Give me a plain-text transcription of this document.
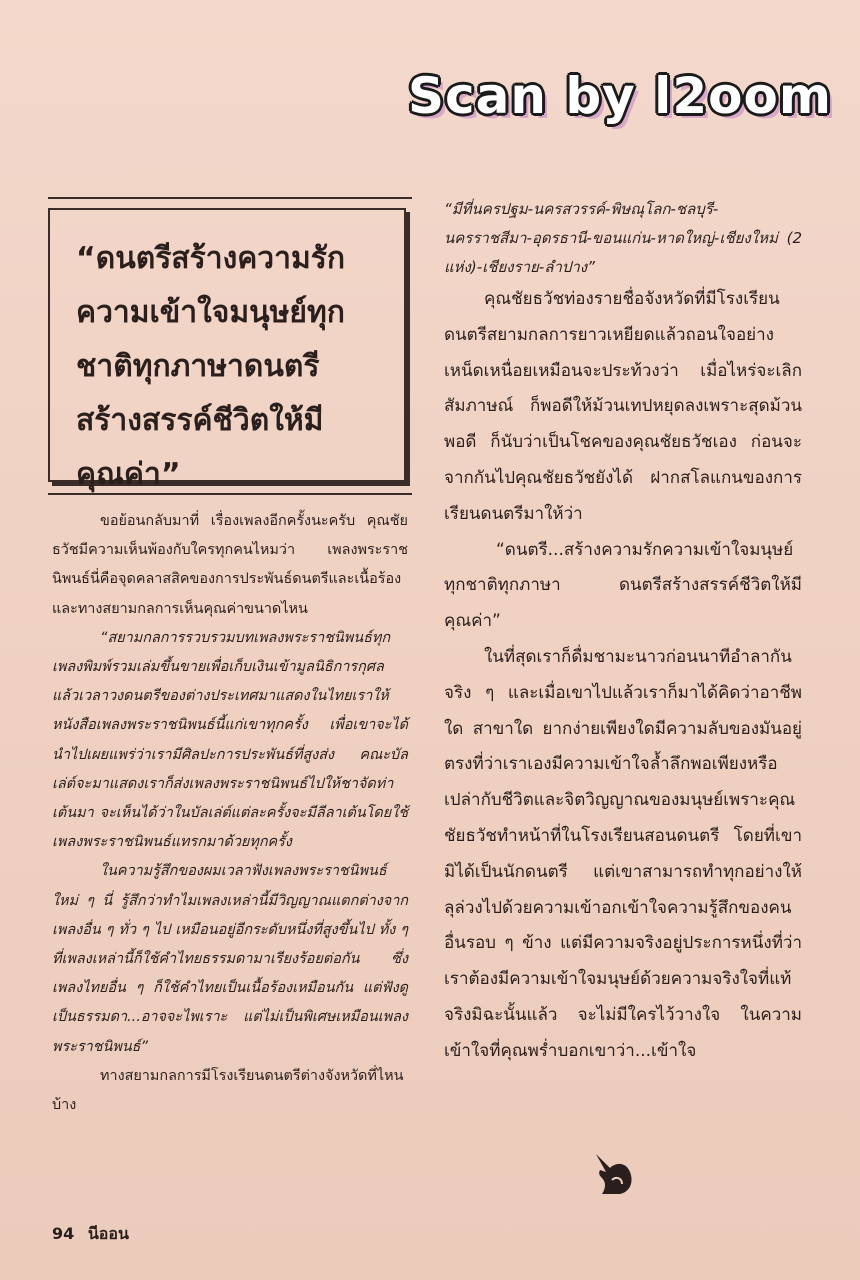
Scan by l2oom

“ดนตรีสร้างความรักความเข้าใจมนุษย์ทุกชาติทุกภาษาดนตรีสร้างสรรค์ชีวิตให้มีคุณค่า”

ขอย้อนกลับมาที่ เรื่องเพลงอีกครั้งนะครับ คุณชัยธวัชมีความเห็นพ้องกับใครทุกคนไหมว่า เพลงพระราชนิพนธ์นี่คือจุดคลาสสิคของการประพันธ์ดนตรีและเนื้อร้อง และทางสยามกลการเห็นคุณค่าขนาดไหน

“สยามกลการรวบรวมบทเพลงพระราชนิพนธ์ทุกเพลงพิมพ์รวมเล่มขึ้นขายเพื่อเก็บเงินเข้ามูลนิธิการกุศล แล้วเวลาวงดนตรีของต่างประเทศมาแสดงในไทยเราให้หนังสือเพลงพระราชนิพนธ์นี้แก่เขาทุกครั้ง เพื่อเขาจะได้นำไปเผยแพร่ว่าเรามีศิลปะการประพันธ์ที่สูงส่ง คณะบัลเล่ต์จะมาแสดงเราก็ส่งเพลงพระราชนิพนธ์ไปให้ชาจัดท่าเต้นมา จะเห็นได้ว่าในบัลเล่ต์แต่ละครั้งจะมีลีลาเต้นโดยใช้เพลงพระราชนิพนธ์แทรกมาด้วยทุกครั้ง

ในความรู้สึกของผมเวลาฟังเพลงพระราชนิพนธ์ใหม่ ๆ นี่ รู้สึกว่าทำไมเพลงเหล่านี้มีวิญญาณแตกต่างจากเพลงอื่น ๆ ทั่ว ๆ ไป เหมือนอยู่อีกระดับหนึ่งที่สูงขึ้นไป ทั้ง ๆ ที่เพลงเหล่านี้ก็ใช้คำไทยธรรมดามาเรียงร้อยต่อกัน ซึ่งเพลงไทยอื่น ๆ ก็ใช้คำไทยเป็นเนื้อร้องเหมือนกัน แต่ฟังดูเป็นธรรมดา...อาจจะไพเราะ แต่ไม่เป็นพิเศษเหมือนเพลงพระราชนิพนธ์”

ทางสยามกลการมีโรงเรียนดนตรีต่างจังหวัดที่ไหนบ้าง

“มีที่นครปฐม-นครสวรรค์-พิษณุโลก-ชลบุรี-นครราชสีมา-อุดรธานี-ขอนแก่น-หาดใหญ่-เชียงใหม่ (2 แห่ง)-เชียงราย-ลำปาง”

คุณชัยธวัชท่องรายชื่อจังหวัดที่มีโรงเรียนดนตรีสยามกลการยาวเหยียดแล้วถอนใจอย่างเหน็ดเหนื่อยเหมือนจะประท้วงว่า เมื่อไหร่จะเลิกสัมภาษณ์ ก็พอดีให้ม้วนเทปหยุดลงเพราะสุดม้วนพอดี ก็นับว่าเป็นโชคของคุณชัยธวัชเอง ก่อนจะจากกันไปคุณชัยธวัชยังได้ ฝากสโลแกนของการเรียนดนตรีมาให้ว่า

“ดนตรี...สร้างความรักความเข้าใจมนุษย์ทุกชาติทุกภาษา ดนตรีสร้างสรรค์ชีวิตให้มีคุณค่า”

ในที่สุดเราก็ดื่มชามะนาวก่อนนาทีอำลากันจริง ๆ และเมื่อเขาไปแล้วเราก็มาได้คิดว่าอาชีพใด สาขาใด ยากง่ายเพียงใดมีความลับของมันอยู่ตรงที่ว่าเราเองมีความเข้าใจล้ำลึกพอเพียงหรือเปล่ากับชีวิตและจิตวิญญาณของมนุษย์เพราะคุณชัยธวัชทำหน้าที่ในโรงเรียนสอนดนตรี โดยที่เขามิได้เป็นนักดนตรี แต่เขาสามารถทำทุกอย่างให้ลุล่วงไปด้วยความเข้าอกเข้าใจความรู้สึกของคนอื่นรอบ ๆ ข้าง แต่มีความจริงอยู่ประการหนึ่งที่ว่า เราต้องมีความเข้าใจมนุษย์ด้วยความจริงใจที่แท้จริงมิฉะนั้นแล้ว จะไม่มีใครไว้วางใจ ในความเข้าใจที่คุณพร่ำบอกเขาว่า...เข้าใจ

94 นีออน
